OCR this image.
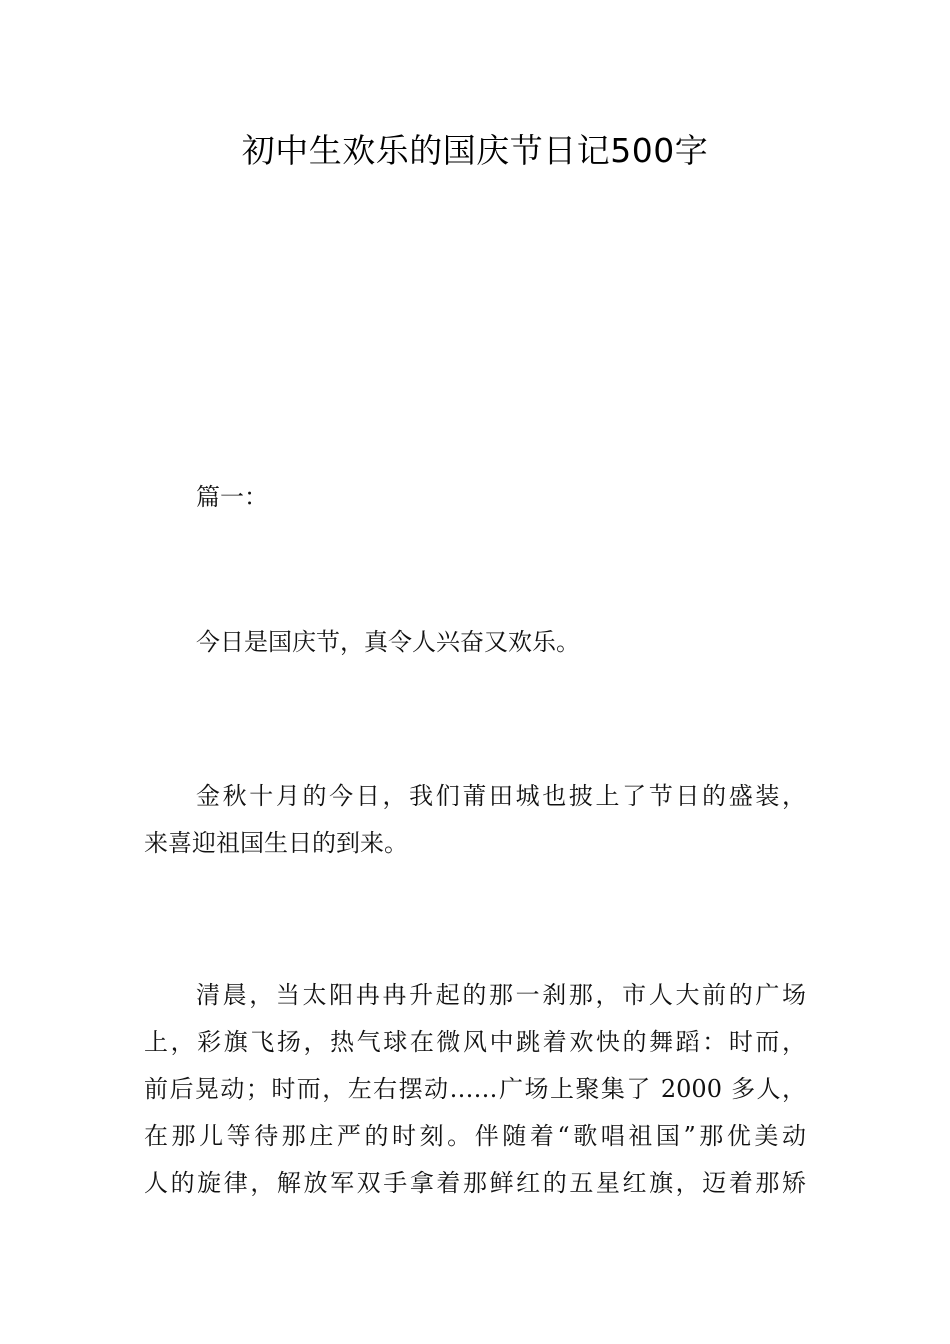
初中生欢乐的国庆节日记500字
篇一：
今日是国庆节，真令人兴奋又欢乐。
金秋十月的今日，我们莆田城也披上了节日的盛装，
来喜迎祖国生日的到来。
清晨，当太阳冉冉升起的那一刹那，市人大前的广场
上，彩旗飞扬，热气球在微风中跳着欢快的舞蹈：时而，
前后晃动；时而，左右摆动……广场上聚集了 2000 多人，
在那儿等待那庄严的时刻。伴随着“歌唱祖国”那优美动
人的旋律，解放军双手拿着那鲜红的五星红旗，迈着那矫
